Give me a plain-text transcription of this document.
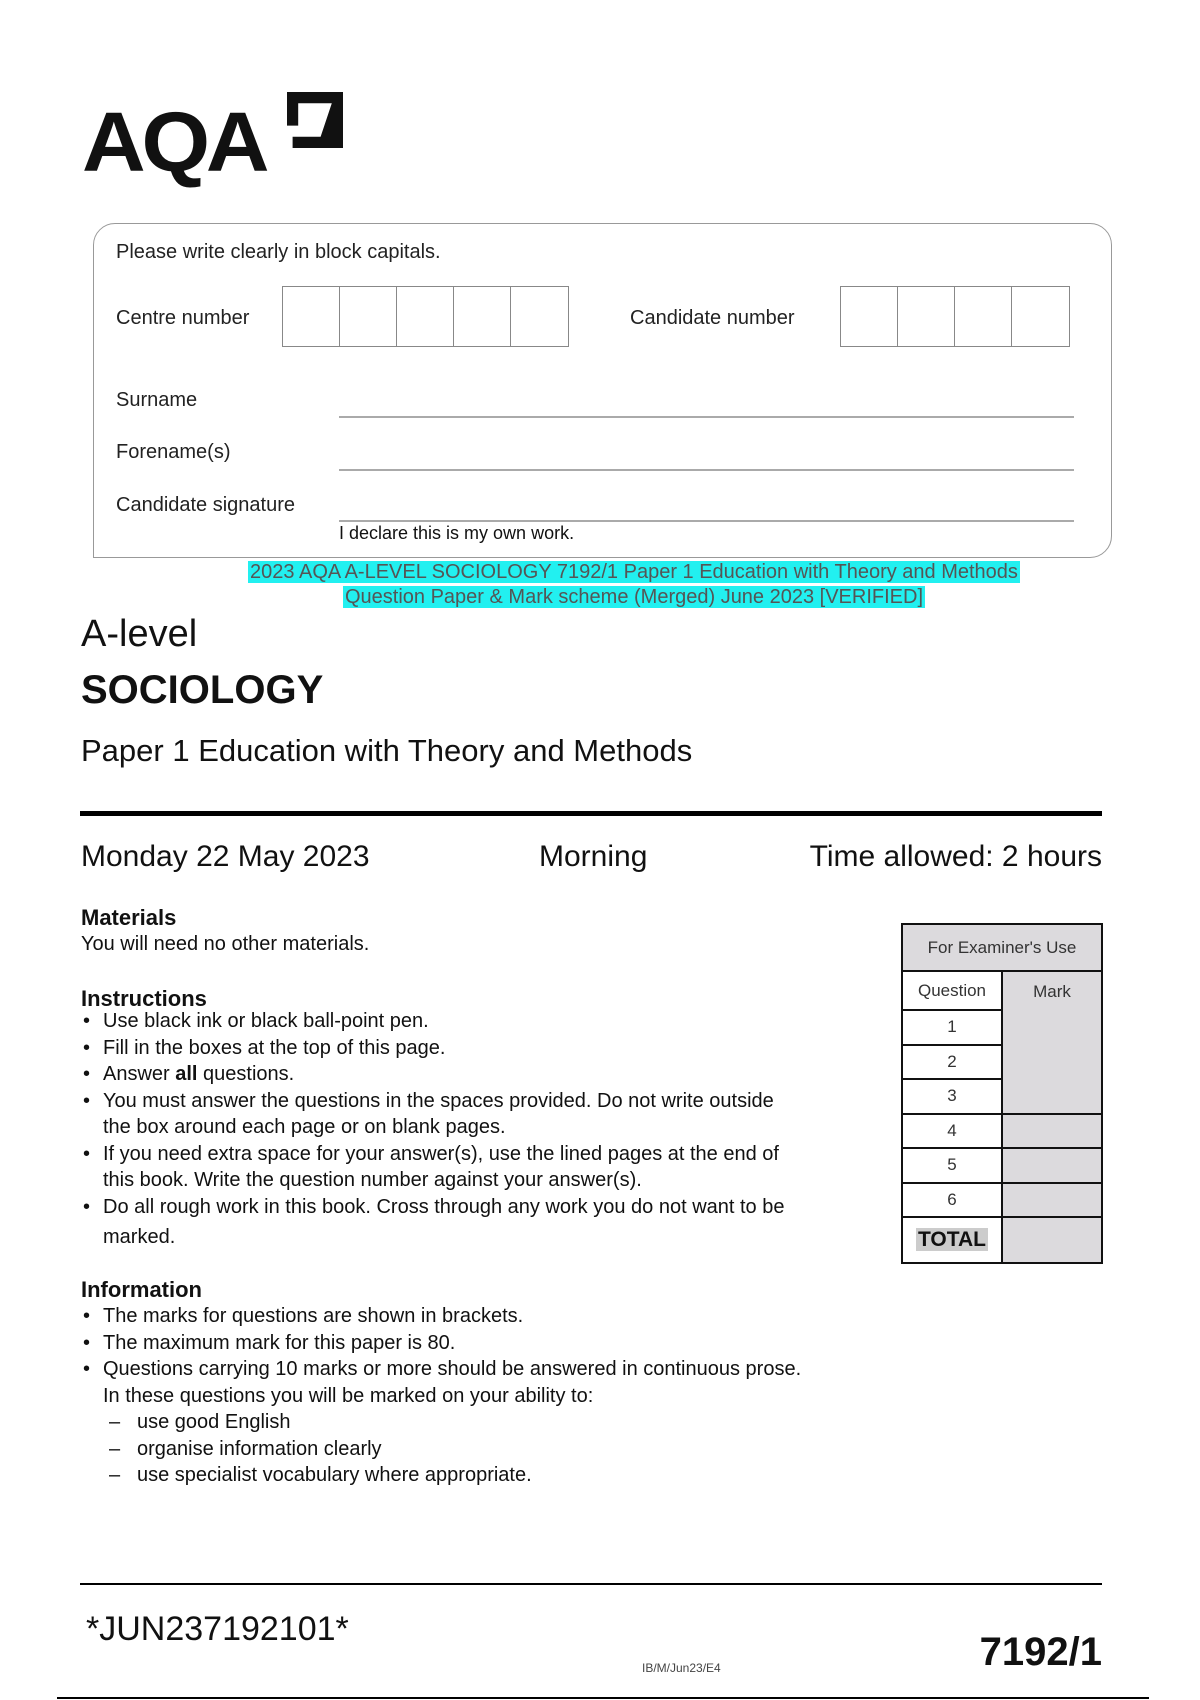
AQA
Please write clearly in block capitals.
Centre number	Candidate number
Surname
Forename(s)
Candidate signature
I declare this is my own work.
2023 AQA A-LEVEL SOCIOLOGY 7192/1 Paper 1 Education with Theory and Methods
Question Paper & Mark scheme (Merged) June 2023 [VERIFIED]
A-level
SOCIOLOGY
Paper 1 Education with Theory and Methods
Monday 22 May 2023	Morning	Time allowed: 2 hours
Materials
You will need no other materials.
Instructions
• Use black ink or black ball-point pen.
• Fill in the boxes at the top of this page.
• Answer all questions.
• You must answer the questions in the spaces provided. Do not write outside
the box around each page or on blank pages.
• If you need extra space for your answer(s), use the lined pages at the end of
this book. Write the question number against your answer(s).
• Do all rough work in this book. Cross through any work you do not want to be
marked.
Information
• The marks for questions are shown in brackets.
• The maximum mark for this paper is 80.
• Questions carrying 10 marks or more should be answered in continuous prose.
In these questions you will be marked on your ability to:
– use good English
– organise information clearly
– use specialist vocabulary where appropriate.
For Examiner's Use	
Question	Mark
1	
2	
3	
4	
5	
6	
TOTAL	
*JUN237192101*
IB/M/Jun23/E4	7192/1
